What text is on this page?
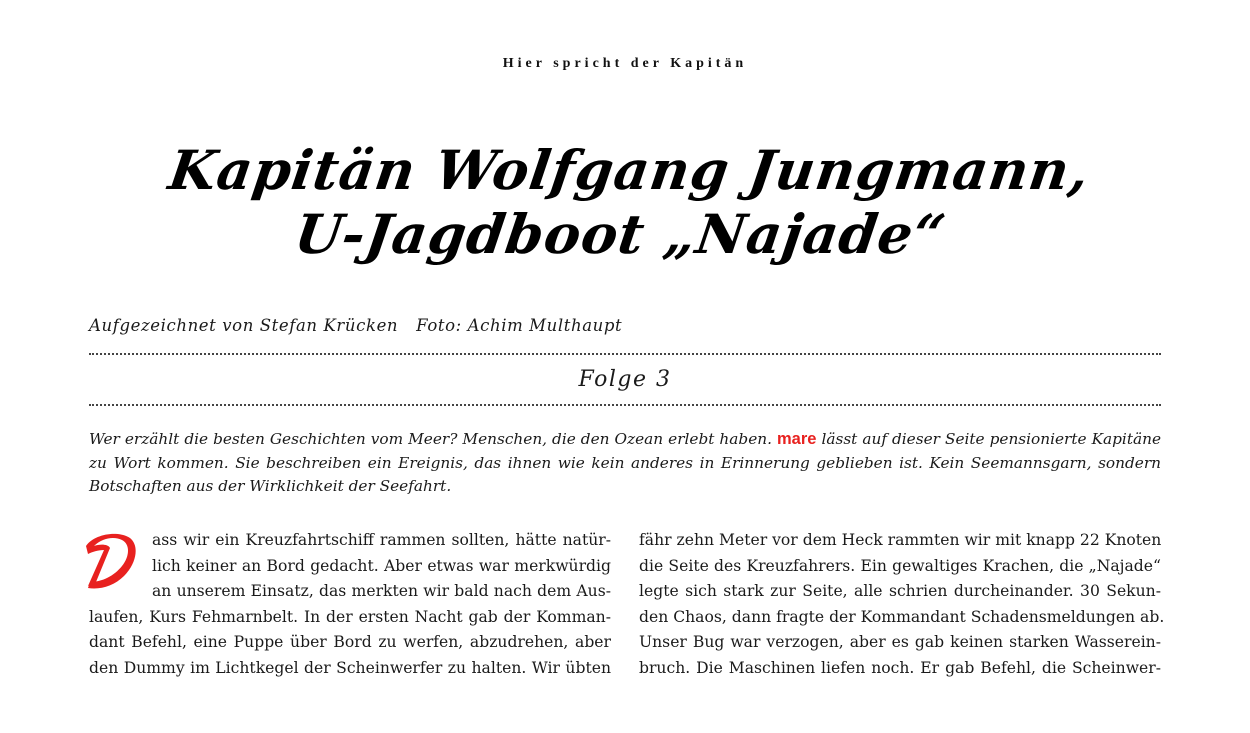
Hier spricht der Kapitän
Kapitän Wolfgang Jungmann,
U-Jagdboot „Najade“
Aufgezeichnet von Stefan Krücken Foto: Achim Multhaupt
Folge 3
Wer erzählt die besten Geschichten vom Meer? Menschen, die den Ozean erlebt haben. mare lässt auf dieser Seite pensionierte Kapitäne zu Wort kommen. Sie beschreiben ein Ereignis, das ihnen wie kein anderes in Erinnerung geblieben ist. Kein Seemannsgarn, sondern Botschaften aus der Wirklichkeit der Seefahrt.
ass wir ein Kreuzfahrtschiff rammen sollten, hätte natür-
lich keiner an Bord gedacht. Aber etwas war merkwürdig
an unserem Einsatz, das merkten wir bald nach dem Aus-
laufen, Kurs Fehmarnbelt. In der ersten Nacht gab der Komman-
dant Befehl, eine Puppe über Bord zu werfen, abzudrehen, aber
den Dummy im Lichtkegel der Scheinwerfer zu halten. Wir übten
fähr zehn Meter vor dem Heck rammten wir mit knapp 22 Knoten
die Seite des Kreuzfahrers. Ein gewaltiges Krachen, die „Najade“
legte sich stark zur Seite, alle schrien durcheinander. 30 Sekun-
den Chaos, dann fragte der Kommandant Schadensmeldungen ab.
Unser Bug war verzogen, aber es gab keinen starken Wasserein-
bruch. Die Maschinen liefen noch. Er gab Befehl, die Scheinwer-
